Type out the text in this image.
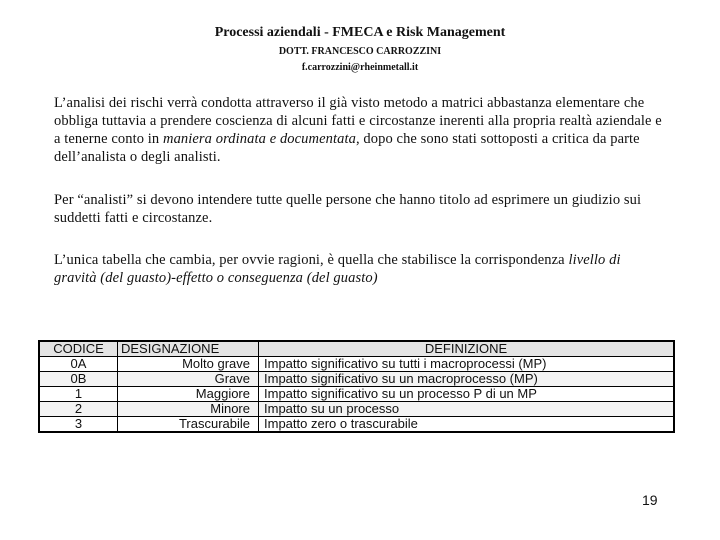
Processi aziendali - FMECA e Risk Management
DOTT. FRANCESCO CARROZZINI
f.carrozzini@rheinmetall.it
L’analisi dei rischi verrà condotta attraverso il già visto metodo a matrici abbastanza elementare che obbliga tuttavia a prendere coscienza di alcuni fatti e circostanze inerenti alla propria realtà aziendale e a tenerne conto in maniera ordinata e documentata, dopo che sono stati sottoposti a critica da parte dell’analista o degli analisti.
Per “analisti” si devono intendere tutte quelle persone che hanno titolo ad esprimere un giudizio sui suddetti fatti e circostanze.
L’unica tabella che cambia, per ovvie ragioni, è quella che stabilisce la corrispondenza livello di gravità (del guasto)-effetto o conseguenza (del guasto)
CODICE	DESIGNAZIONE	DEFINIZIONE
0A	Molto grave	Impatto significativo su tutti i macroprocessi (MP)
0B	Grave	Impatto significativo su un macroprocesso (MP)
1	Maggiore	Impatto significativo su un processo P di un MP
2	Minore	Impatto su un processo
3	Trascurabile	Impatto zero o trascurabile
19
